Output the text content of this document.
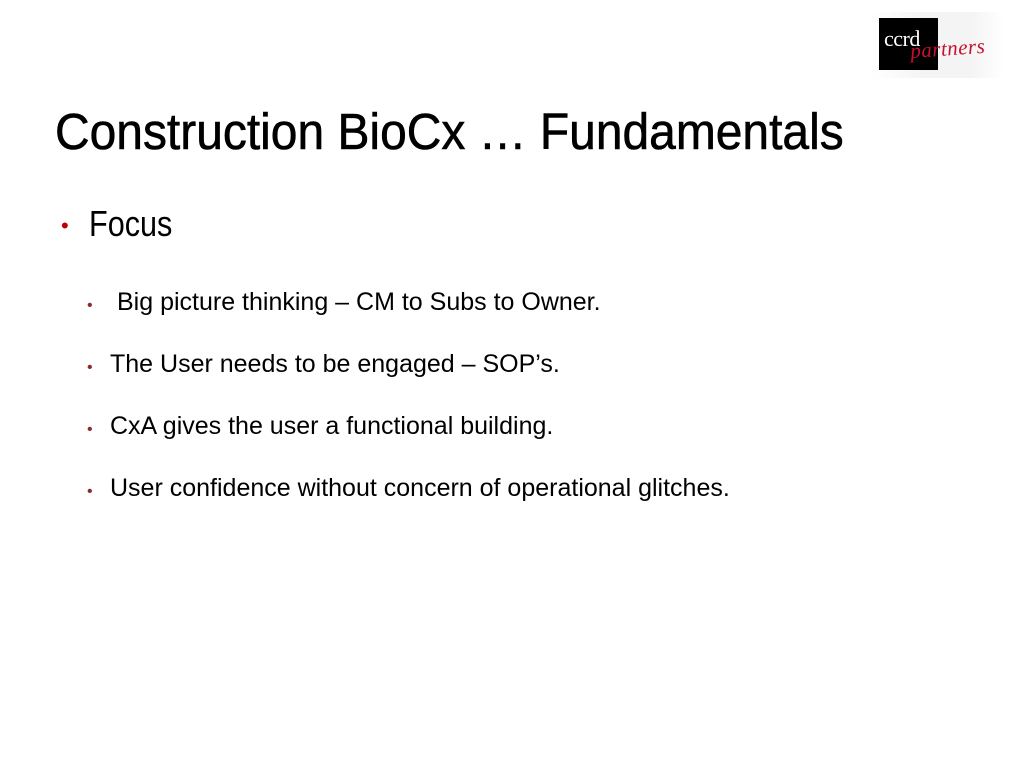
ccrd
partners
Construction BioCx … Fundamentals
• Focus
• Big picture thinking – CM to Subs to Owner.
• The User needs to be engaged – SOP’s.
• CxA gives the user a functional building.
• User confidence without concern of operational glitches.
